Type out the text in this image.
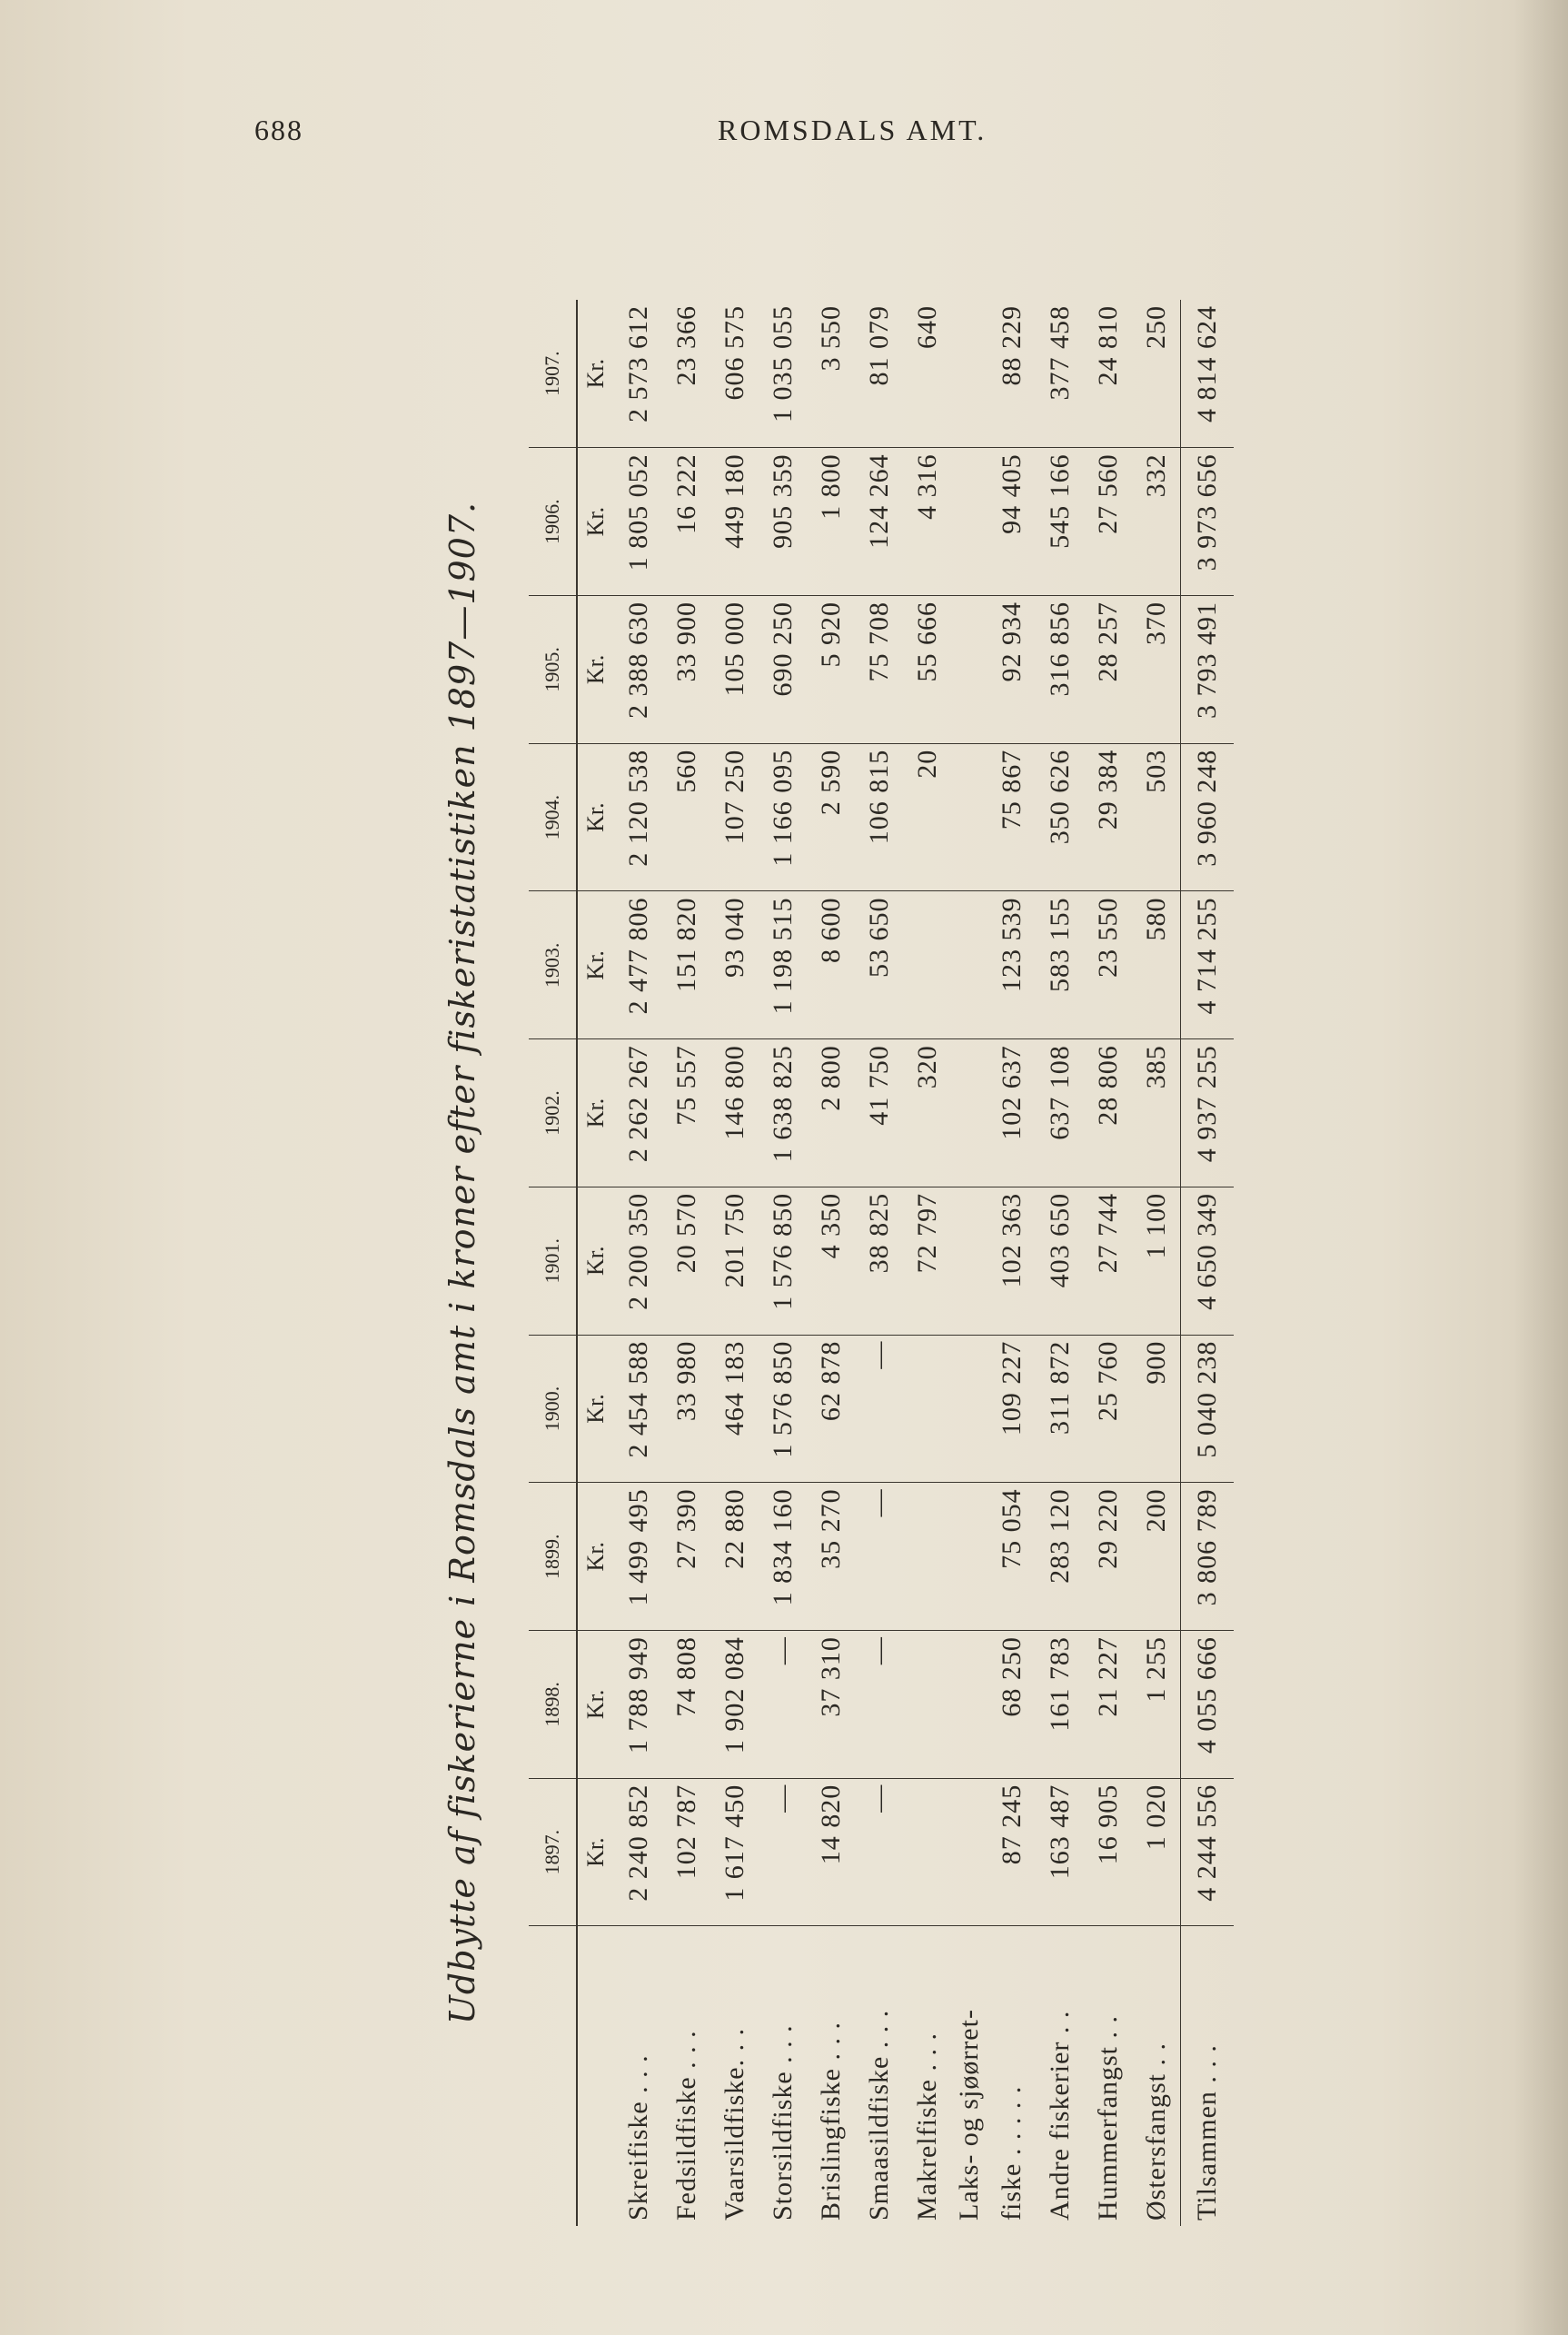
688	ROMSDALS AMT.
Udbytte af fiskerierne i Romsdals amt i kroner efter fiskeristatistiken 1897—1907.
		1897.	1898.	1899.	1900.	1901.	1902.	1903.	1904.	1905.	1906.	1907.
	Kr.	Kr.	Kr.	Kr.	Kr.	Kr.	Kr.	Kr.	Kr.	Kr.	Kr.
Skreifiske . . .	2 240 852	1 788 949	1 499 495	2 454 588	2 200 350	2 262 267	2 477 806	2 120 538	2 388 630	1 805 052	2 573 612
Fedsildfiske . . .	102 787	74 808	27 390	33 980	20 570	75 557	151 820	560	33 900	16 222	23 366
Vaarsildfiske. . .	1 617 450	1 902 084	22 880	464 183	201 750	146 800	93 040	107 250	105 000	449 180	606 575
Storsildfiske . . .	—	—	1 834 160	1 576 850	1 576 850	1 638 825	1 198 515	1 166 095	690 250	905 359	1 035 055
Brislingfiske . . .	14 820	37 310	35 270	62 878	4 350	2 800	8 600	2 590	5 920	1 800	3 550
Smaasildfiske . . .	—	—	—	—	38 825	41 750	53 650	106 815	75 708	124 264	81 079
Makrelfiske . . .					72 797	320		20	55 666	4 316	640
Laks- og sjøørret-											
fiske . . . . .	87 245	68 250	75 054	109 227	102 363	102 637	123 539	75 867	92 934	94 405	88 229
Andre fiskerier . .	163 487	161 783	283 120	311 872	403 650	637 108	583 155	350 626	316 856	545 166	377 458
Hummerfangst . .	16 905	21 227	29 220	25 760	27 744	28 806	23 550	29 384	28 257	27 560	24 810
Østersfangst . .	1 020	1 255	200	900	1 100	385	580	503	370	332	250
Tilsammen . . .	4 244 556	4 055 666	3 806 789	5 040 238	4 650 349	4 937 255	4 714 255	3 960 248	3 793 491	3 973 656	4 814 624
